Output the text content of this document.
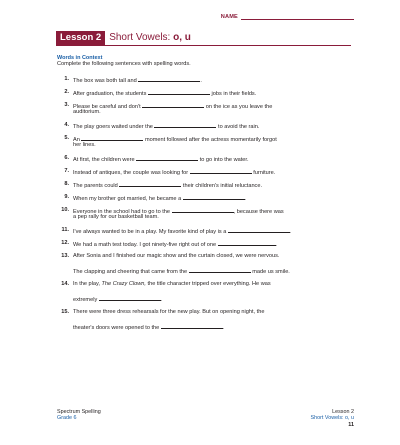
NAME
Lesson 2 Short Vowels: o, u
Words in Context
Complete the following sentences with spelling words.
1. The box was both tall and	.
2. After graduation, the students	jobs in their fields.
3. Please be careful and don't	on the ice as you leave the
auditorium.
4. The play goers waited under the	to avoid the rain.
5. An	moment followed after the actress momentarily forgot
her lines.
6. At first, the children were	to go into the water.
7. Instead of antiques, the couple was looking for	furniture.
8. The parents could	their children's initial reluctance.
9. When my brother got married, he became a	.
10. Everyone in the school had to go to the	, because there was
a pep rally for our basketball team.
11. I've always wanted to be in a play. My favorite kind of play is a	.
12. We had a math test today. I got ninety-five right out of one	.
13. After Sonia and I finished our magic show and the curtain closed, we were nervous.
The clapping and cheering that came from the	made us smile.
14. In the play, The Crazy Clown, the title character tripped over everything. He was
extremely	.
15. There were three dress rehearsals for the new play. But on opening night, the
theater's doors were opened to the	.
Spectrum Spelling
Grade 6
Lesson 2
Short Vowels: o, u
11
